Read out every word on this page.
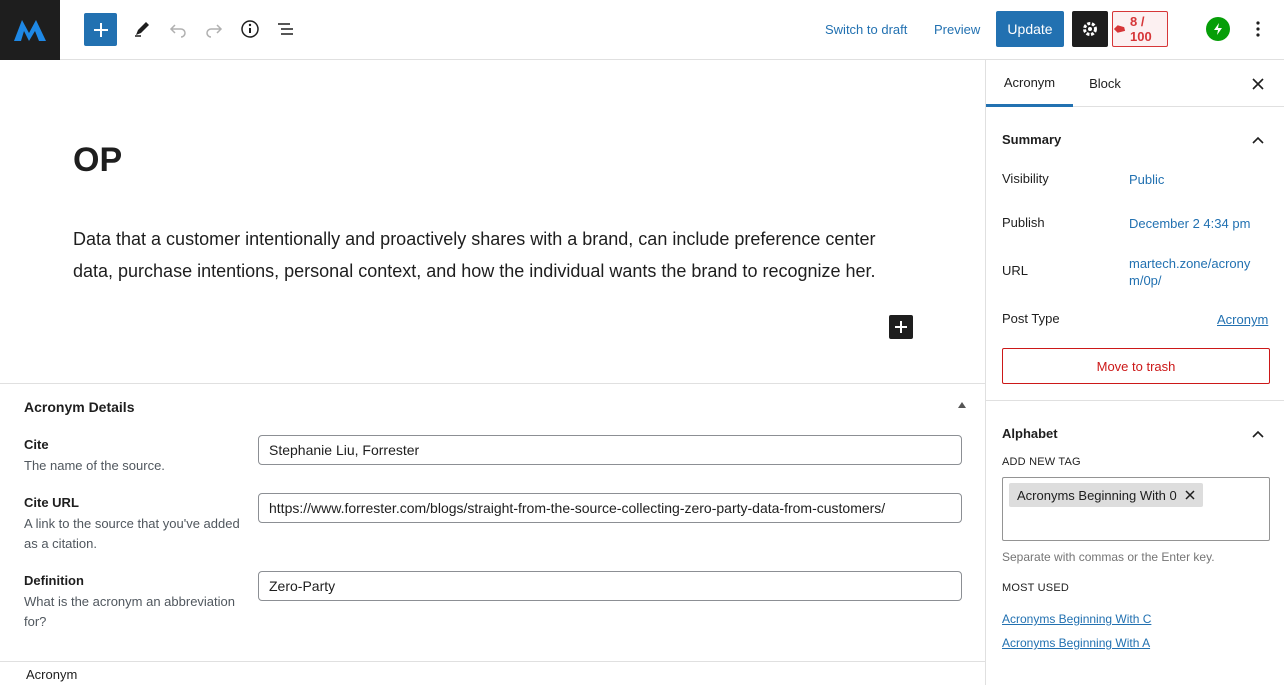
Switch to draft Preview	Update	8 / 100
OP
Data that a customer intentionally and proactively shares with a brand, can include preference center data, purchase intentions, personal context, and how the individual wants the brand to recognize her.
Acronym Details
Cite
The name of the source.
Stephanie Liu, Forrester
Cite URL
A link to the source that you've added as a citation.
https://www.forrester.com/blogs/straight-from-the-source-collecting-zero-party-data-from-customers/
Definition
What is the acronym an abbreviation for?
Zero-Party
Acronym
Acronym	Block
Summary
Visibility	Public
Publish	December 2 4:34 pm
URL	martech.zone/acronym/0p/
Post Type	Acronym
Move to trash
Alphabet
ADD NEW TAG
Acronyms Beginning With 0
Separate with commas or the Enter key.
MOST USED
Acronyms Beginning With C
Acronyms Beginning With A
